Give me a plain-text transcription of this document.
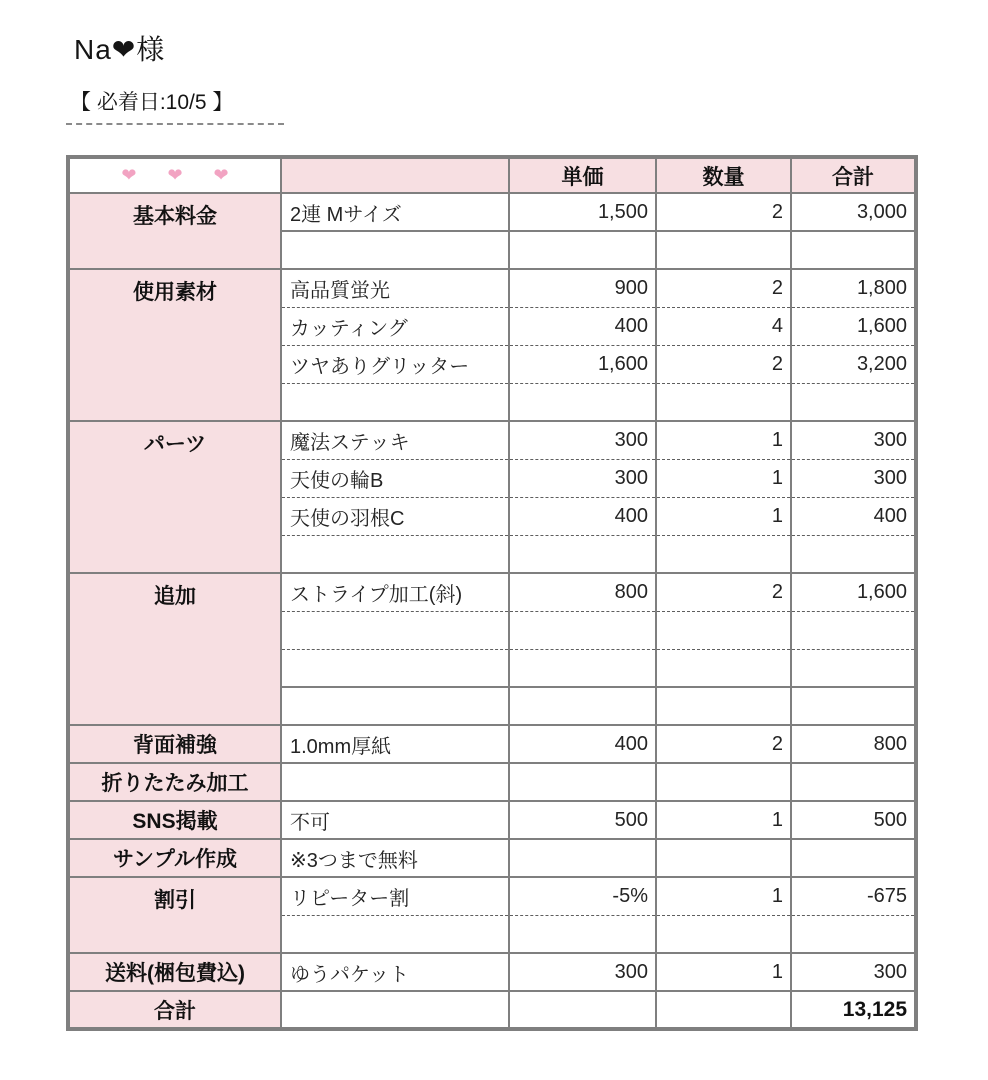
Na❤様
【 必着日:10/5 】
❤ ❤ ❤		単価	数量	合計
基本料金	2連 Mサイズ	1,500	2	3,000

使用素材	高品質蛍光	900	2	1,800
	カッティング	400	4	1,600
	ツヤありグリッター	1,600	2	3,200

パーツ	魔法ステッキ	300	1	300
	天使の輪B	300	1	300
	天使の羽根C	400	1	400

追加	ストライプ加工(斜)	800	2	1,600

背面補強	1.0mm厚紙	400	2	800
折りたたみ加工				
SNS掲載	不可	500	1	500
サンプル作成	※3つまで無料			
割引	リピーター割	-5%	1	-675

送料(梱包費込)	ゆうパケット	300	1	300
合計				13,125
